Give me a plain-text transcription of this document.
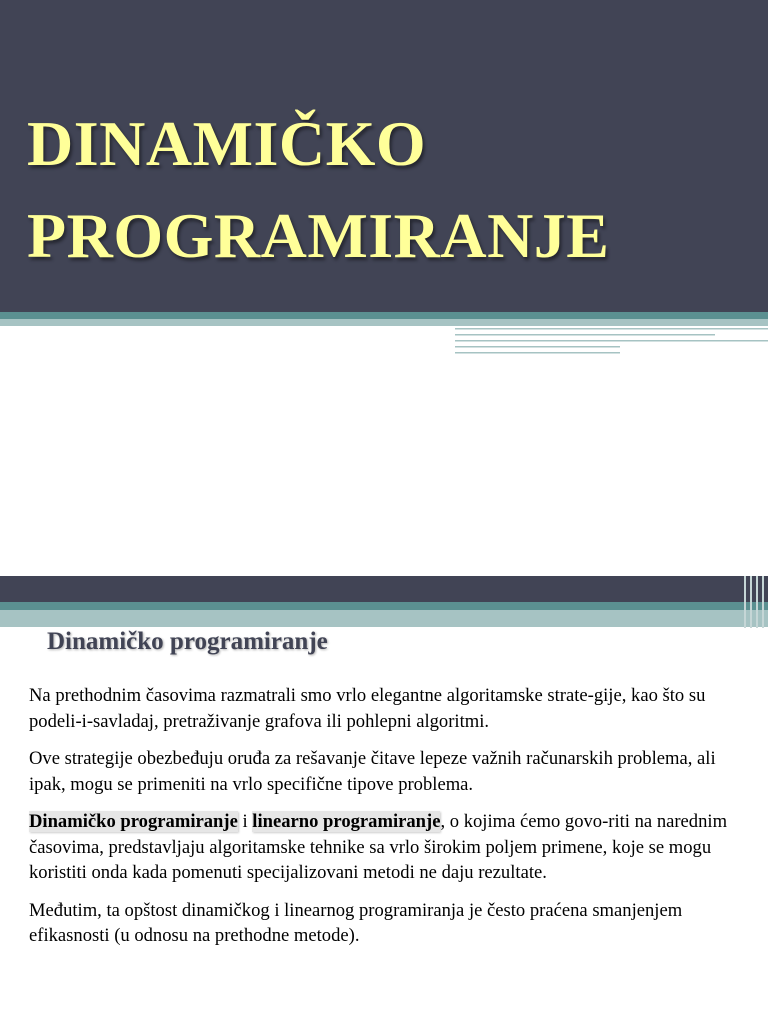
DINAMIČKO
PROGRAMIRANJE
Dinamičko programiranje

Na prethodnim časovima razmatrali smo vrlo elegantne algoritamske strate-gije, kao što su podeli-i-savladaj, pretraživanje grafova ili pohlepni algoritmi.

Ove strategije obezbeđuju oruđa za rešavanje čitave lepeze važnih računarskih problema, ali ipak, mogu se primeniti na vrlo specifične tipove problema.

Dinamičko programiranje i linearno programiranje, o kojima ćemo govo-riti na narednim časovima, predstavljaju algoritamske tehnike sa vrlo širokim poljem primene, koje se mogu koristiti onda kada pomenuti specijalizovani metodi ne daju rezultate.

Međutim, ta opštost dinamičkog i linearnog programiranja je često praćena smanjenjem efikasnosti (u odnosu na prethodne metode).
